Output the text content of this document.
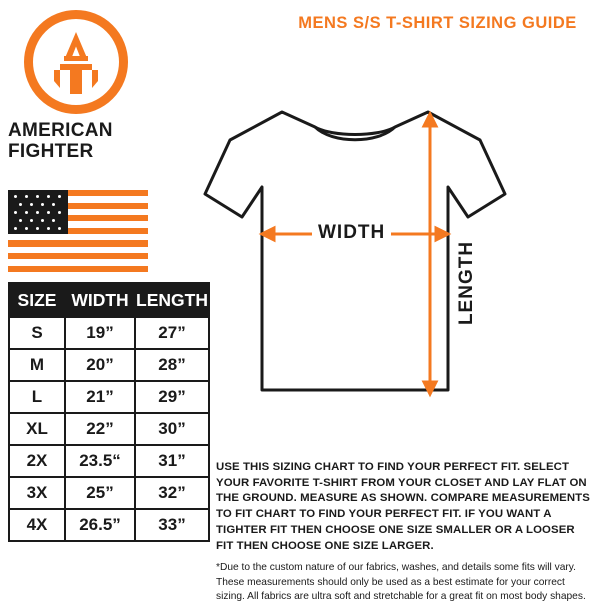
MENS S/S T-SHIRT SIZING GUIDE
AMERICAN
FIGHTER
SIZE	WIDTH	LENGTH
S	19”	27”
M	20”	28”
L	21”	29”
XL	22”	30”
2X	23.5“	31”
3X	25”	32”
4X	26.5”	33”
WIDTH
LENGTH
USE THIS SIZING CHART TO FIND YOUR PERFECT FIT. SELECT YOUR FAVORITE T-SHIRT FROM YOUR CLOSET AND LAY FLAT ON THE GROUND. MEASURE AS SHOWN. COMPARE MEASUREMENTS TO FIT CHART TO FIND YOUR PERFECT FIT. IF YOU WANT A TIGHTER FIT THEN CHOOSE ONE SIZE SMALLER OR A LOOSER FIT THEN CHOOSE ONE SIZE LARGER.
*Due to the custom nature of our fabrics, washes, and details some fits will vary. These measurements should only be used as a best estimate for your correct sizing. All fabrics are ultra soft and stretchable for a great fit on most body shapes.
